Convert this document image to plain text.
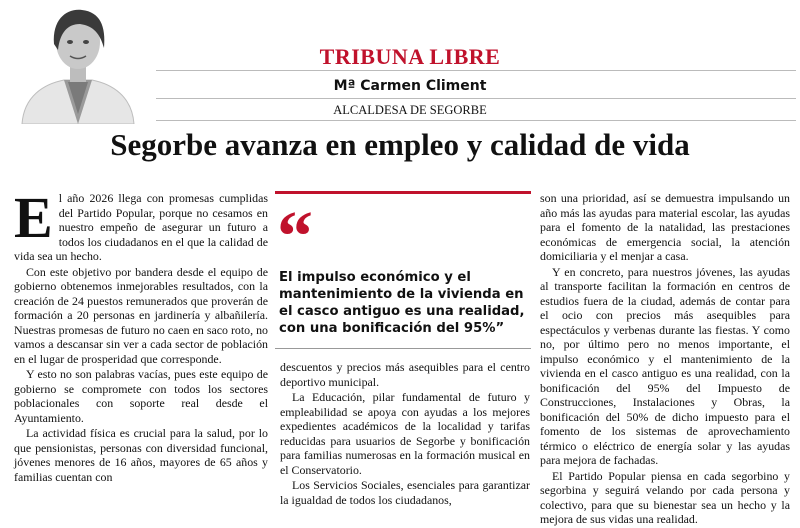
TRIBUNA LIBRE
Mª Carmen Climent
ALCALDESA DE SEGORBE
Segorbe avanza en empleo y calidad de vida

El año 2026 llega con promesas cumplidas del Partido Popular, porque no cesamos en nuestro empeño de asegurar un futuro a todos los ciudadanos en el que la calidad de vida sea un hecho.

Con este objetivo por bandera desde el equipo de gobierno obtenemos inmejorables resultados, con la creación de 24 puestos remunerados que proverán de formación a 20 personas en jardinería y albañilería. Nuestras promesas de futuro no caen en saco roto, no vamos a descansar sin ver a cada sector de población en el lugar de prosperidad que corresponde.

Y esto no son palabras vacías, pues este equipo de gobierno se compromete con todos los sectores poblacionales con soporte real desde el Ayuntamiento.

La actividad física es crucial para la salud, por lo que pensionistas, personas con diversidad funcional, jóvenes menores de 16 años, mayores de 65 años y familias cuentan con

“
El impulso económico y el mantenimiento de la vivienda en el casco antiguo es una realidad, con una bonificación del 95%”

descuentos y precios más asequibles para el centro deportivo municipal.

La Educación, pilar fundamental de futuro y empleabilidad se apoya con ayudas a los mejores expedientes académicos de la localidad y tarifas reducidas para usuarios de Segorbe y bonificación para familias numerosas en la formación musical en el Conservatorio.

Los Servicios Sociales, esenciales para garantizar la igualdad de todos los ciudadanos,

son una prioridad, así se demuestra impulsando un año más las ayudas para material escolar, las ayudas para el fomento de la natalidad, las prestaciones económicas de emergencia social, la atención domiciliaria y el menjar a casa.

Y en concreto, para nuestros jóvenes, las ayudas al transporte facilitan la formación en centros de estudios fuera de la ciudad, además de contar para el ocio con precios más asequibles para espectáculos y verbenas durante las fiestas. Y como no, por último pero no menos importante, el impulso económico y el mantenimiento de la vivienda en el casco antiguo es una realidad, con la bonificación del 95% del Impuesto de Construcciones, Instalaciones y Obras, la bonificación del 50% de dicho impuesto para el fomento de los sistemas de aprovechamiento térmico o eléctrico de energía solar y las ayudas para mejora de fachadas.

El Partido Popular piensa en cada segorbino y segorbina y seguirá velando por cada persona y colectivo, para que su bienestar sea un hecho y la mejora de sus vidas una realidad.
